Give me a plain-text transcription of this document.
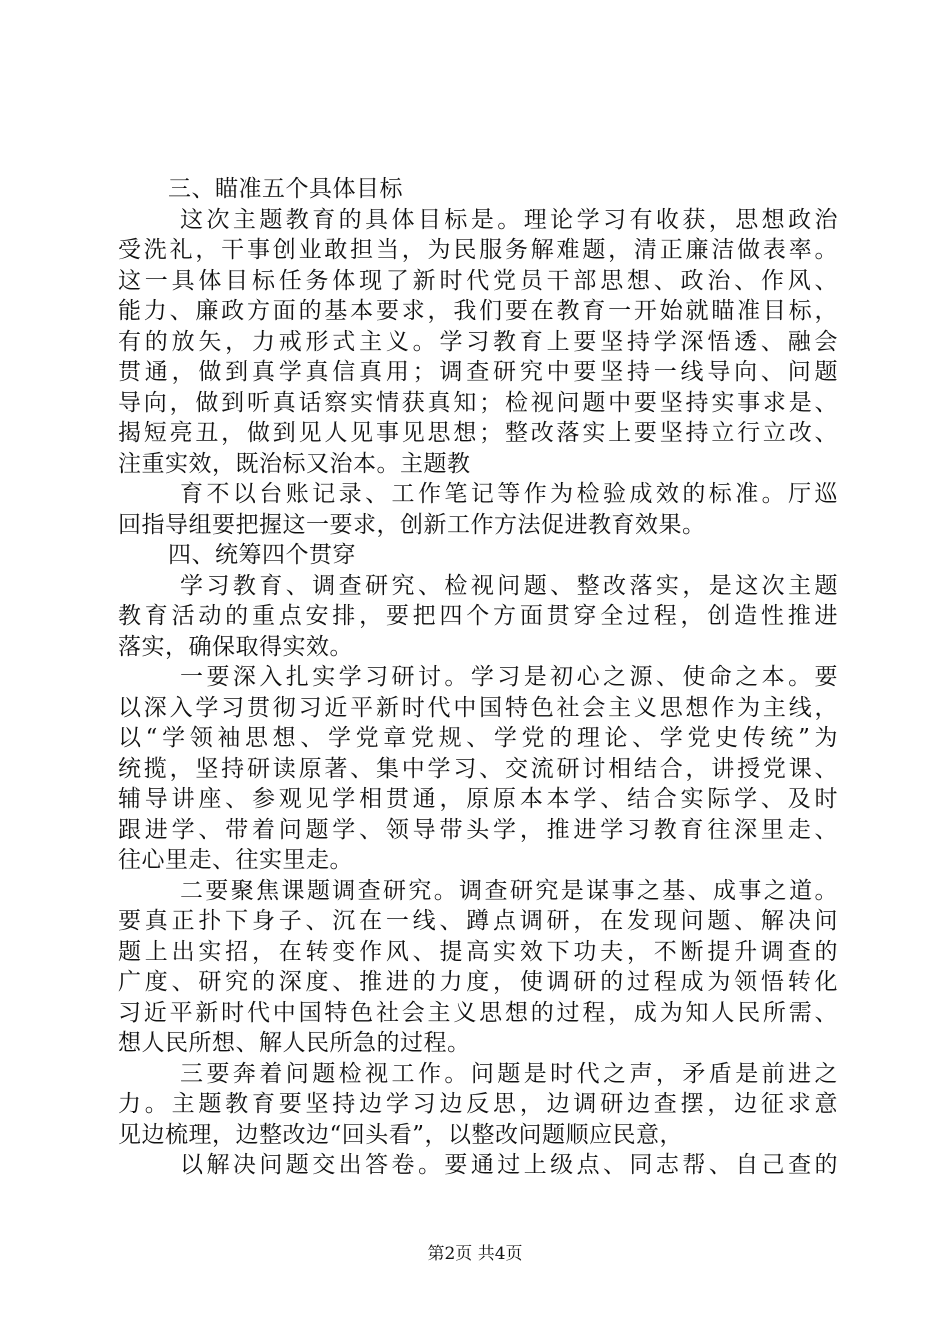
三、瞄准五个具体目标
这次主题教育的具体目标是。理论学习有收获，思想政治
受洗礼，干事创业敢担当，为民服务解难题，清正廉洁做表率。
这一具体目标任务体现了新时代党员干部思想、政治、作风、
能力、廉政方面的基本要求，我们要在教育一开始就瞄准目标，
有的放矢，力戒形式主义。学习教育上要坚持学深悟透、融会
贯通，做到真学真信真用；调查研究中要坚持一线导向、问题
导向，做到听真话察实情获真知；检视问题中要坚持实事求是、
揭短亮丑，做到见人见事见思想；整改落实上要坚持立行立改、
注重实效，既治标又治本。主题教
育不以台账记录、工作笔记等作为检验成效的标准。厅巡
回指导组要把握这一要求，创新工作方法促进教育效果。
四、统筹四个贯穿
学习教育、调查研究、检视问题、整改落实，是这次主题
教育活动的重点安排，要把四个方面贯穿全过程，创造性推进
落实，确保取得实效。
一要深入扎实学习研讨。学习是初心之源、使命之本。要
以深入学习贯彻习近平新时代中国特色社会主义思想作为主线，
以“学领袖思想、学党章党规、学党的理论、学党史传统”为
统揽，坚持研读原著、集中学习、交流研讨相结合，讲授党课、
辅导讲座、参观见学相贯通，原原本本学、结合实际学、及时
跟进学、带着问题学、领导带头学，推进学习教育往深里走、
往心里走、往实里走。
二要聚焦课题调查研究。调查研究是谋事之基、成事之道。
要真正扑下身子、沉在一线、蹲点调研，在发现问题、解决问
题上出实招，在转变作风、提高实效下功夫，不断提升调查的
广度、研究的深度、推进的力度，使调研的过程成为领悟转化
习近平新时代中国特色社会主义思想的过程，成为知人民所需、
想人民所想、解人民所急的过程。
三要奔着问题检视工作。问题是时代之声，矛盾是前进之
力。主题教育要坚持边学习边反思，边调研边查摆，边征求意
见边梳理，边整改边“回头看”，以整改问题顺应民意，
以解决问题交出答卷。要通过上级点、同志帮、自己查的
第2页 共4页
